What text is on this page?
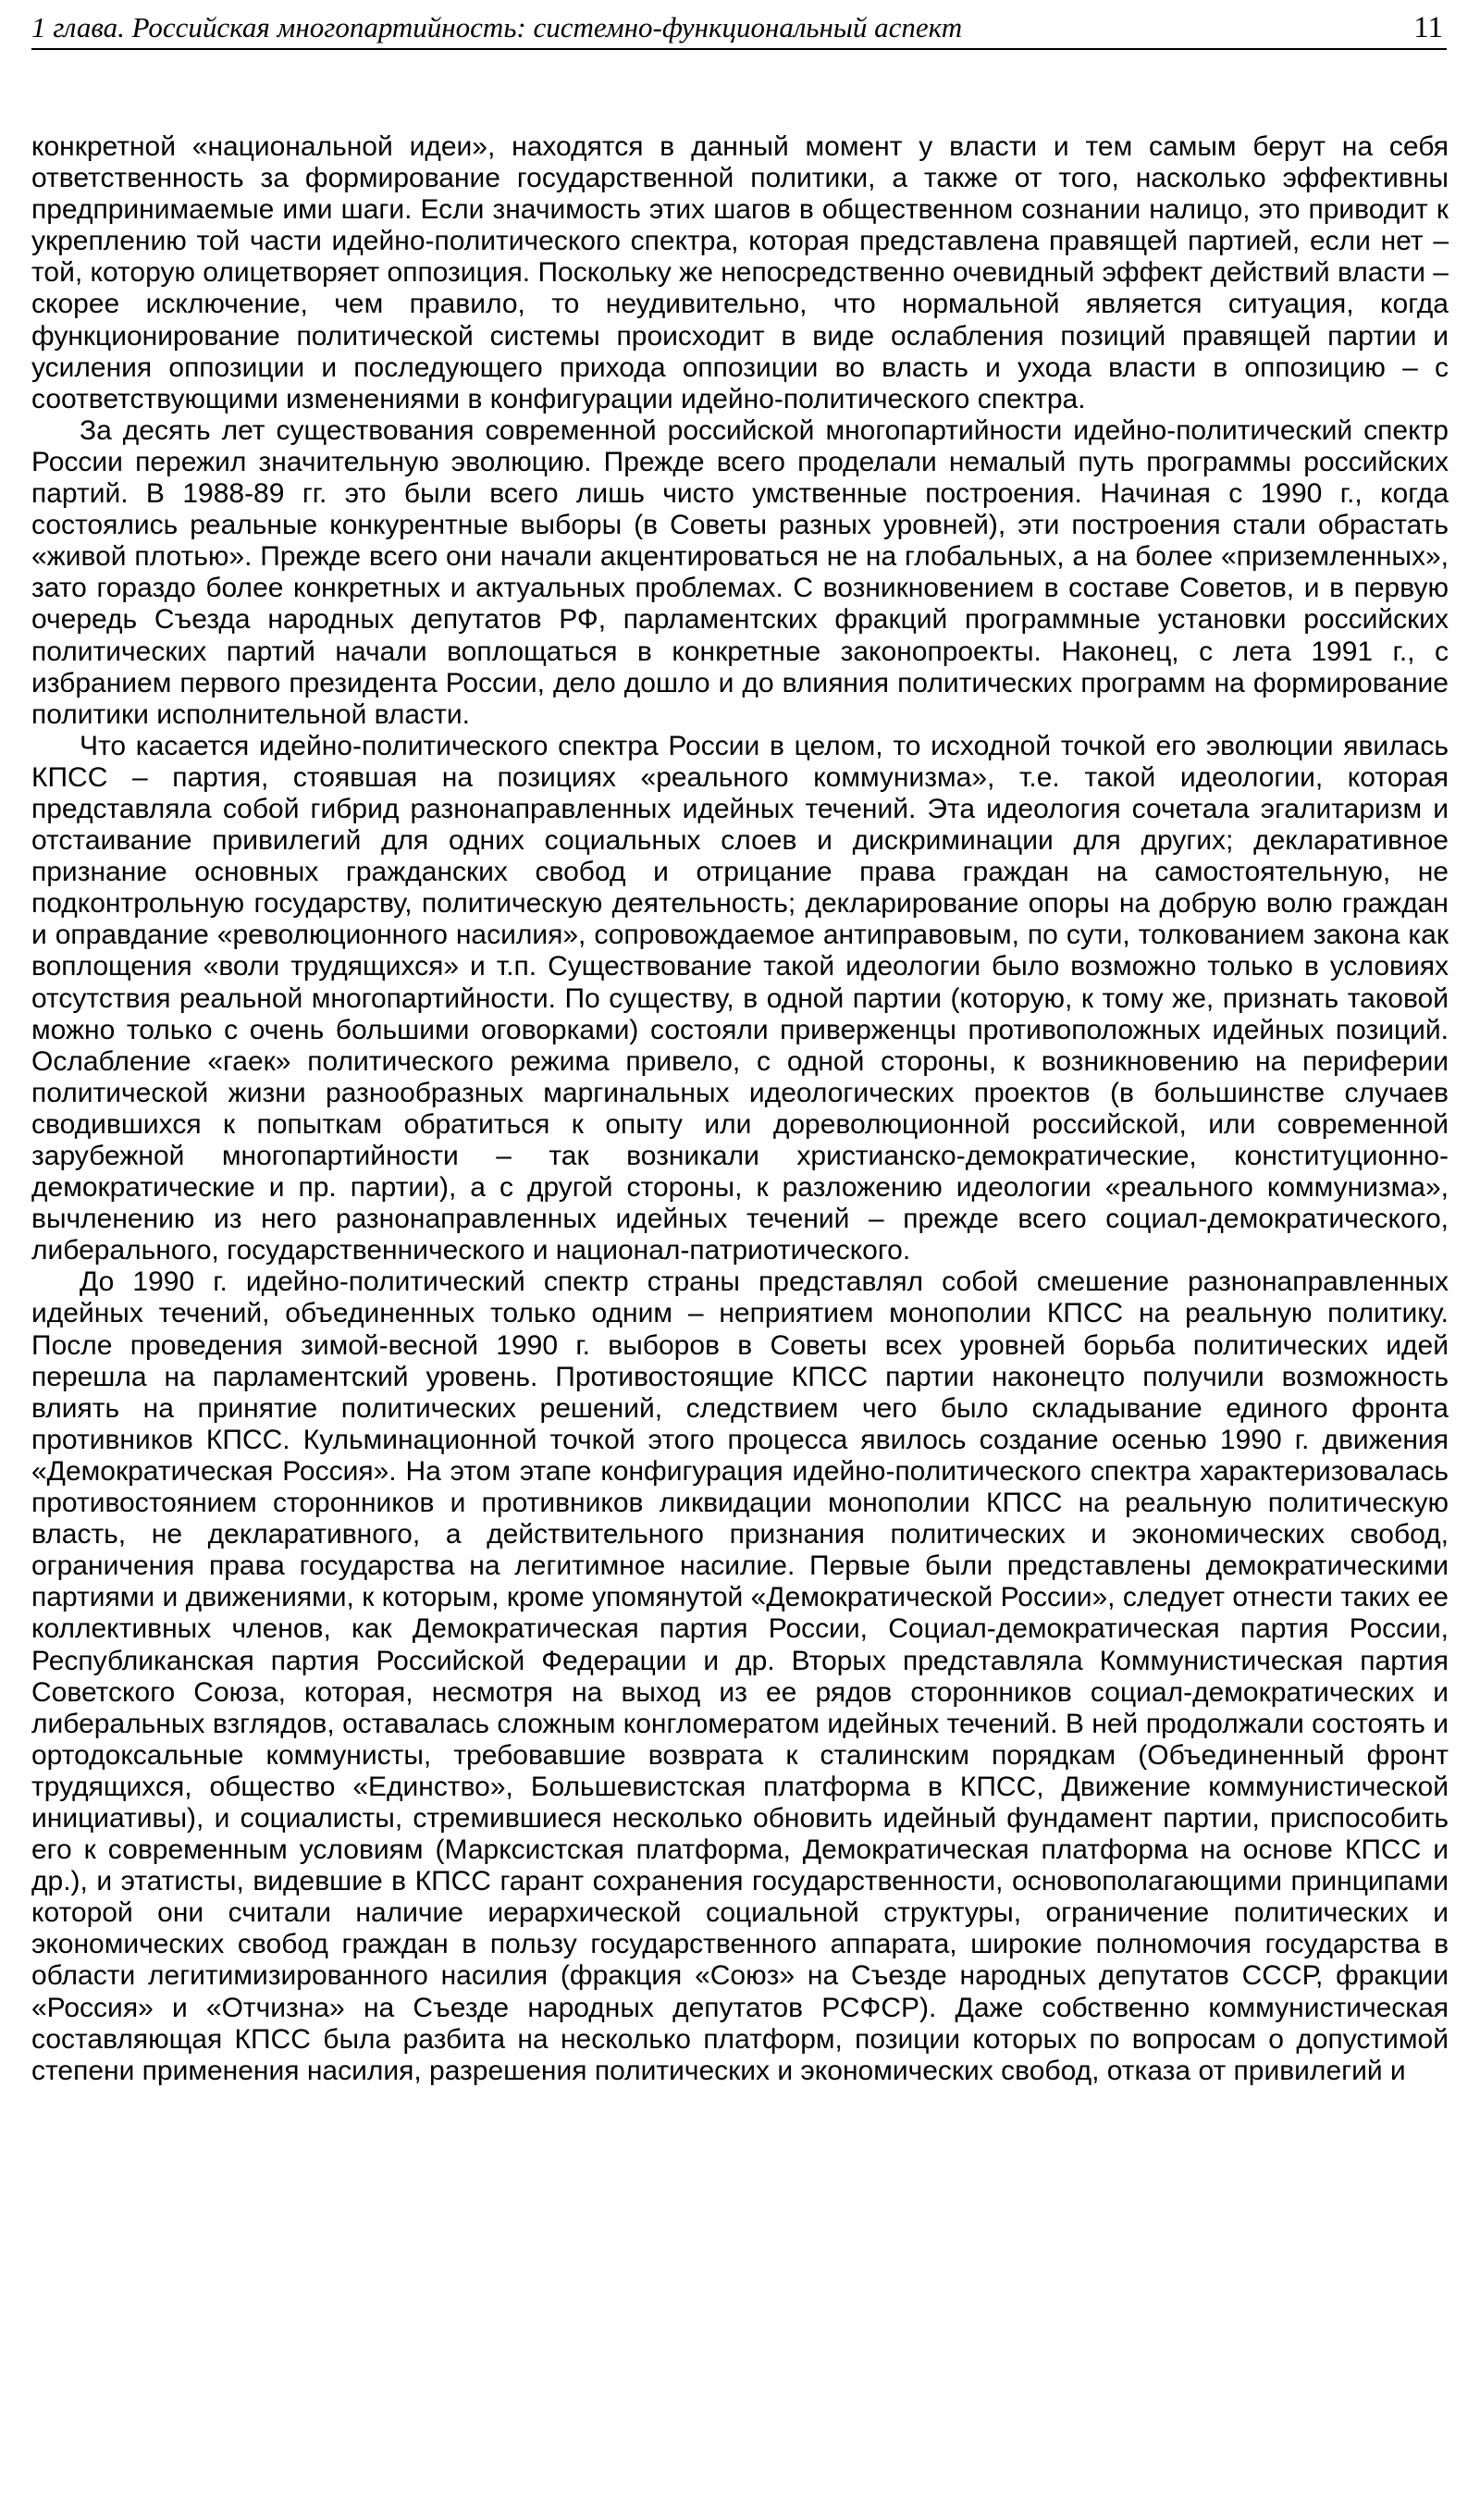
1 глава. Российская многопартийность: системно-функциональный аспект	11

конкретной «национальной идеи», находятся в данный момент у власти и тем самым берут на себя ответственность за формирование государственной политики, а также от того, насколько эффективны предпринимаемые ими шаги. Если значимость этих шагов в общественном сознании налицо, это приводит к укреплению той части идейно-политического спектра, которая представлена правящей партией, если нет – той, которую олицетворяет оппозиция. Поскольку же непосредственно очевидный эффект действий власти – скорее исключение, чем правило, то неудивительно, что нормальной является ситуация, когда функционирование политической системы происходит в виде ослабления позиций правящей партии и усиления оппозиции и последующего прихода оппозиции во власть и ухода власти в оппозицию – с соответствующими изменениями в конфигурации идейно-политического спектра.

За десять лет существования современной российской многопартийности идейно-политический спектр России пережил значительную эволюцию. Прежде всего проделали немалый путь программы российских партий. В 1988-89 гг. это были всего лишь чисто умственные построения. Начиная с 1990 г., когда состоялись реальные конкурентные выборы (в Советы разных уровней), эти построения стали обрастать «живой плотью». Прежде всего они начали акцентироваться не на глобальных, а на более «приземленных», зато гораздо более конкретных и актуальных проблемах. С возникновением в составе Советов, и в первую очередь Съезда народных депутатов РФ, парламентских фракций программные установки российских политических партий начали воплощаться в конкретные законопроекты. Наконец, с лета 1991 г., с избранием первого президента России, дело дошло и до влияния политических программ на формирование политики исполнительной власти.

Что касается идейно-политического спектра России в целом, то исходной точкой его эволюции явилась КПСС – партия, стоявшая на позициях «реального коммунизма», т.е. такой идеологии, которая представляла собой гибрид разнонаправленных идейных течений. Эта идеология сочетала эгалитаризм и отстаивание привилегий для одних социальных слоев и дискриминации для других; декларативное признание основных гражданских свобод и отрицание права граждан на самостоятельную, не подконтрольную государству, политическую деятельность; декларирование опоры на добрую волю граждан и оправдание «революционного насилия», сопровождаемое антиправовым, по сути, толкованием закона как воплощения «воли трудящихся» и т.п. Существование такой идеологии было возможно только в условиях отсутствия реальной многопартийности. По существу, в одной партии (которую, к тому же, признать таковой можно только с очень большими оговорками) состояли приверженцы противоположных идейных позиций. Ослабление «гаек» политического режима привело, с одной стороны, к возникновению на периферии политической жизни разнообразных маргинальных идеологических проектов (в большинстве случаев сводившихся к попыткам обратиться к опыту или дореволюционной российской, или современной зарубежной многопартийности – так возникали христианско-демократические, конституционно-демократические и пр. партии), а с другой стороны, к разложению идеологии «реального коммунизма», вычленению из него разнонаправленных идейных течений – прежде всего социал-демократического, либерального, государственнического и национал-патриотического.

До 1990 г. идейно-политический спектр страны представлял собой смешение разнонаправленных идейных течений, объединенных только одним – неприятием монополии КПСС на реальную политику. После проведения зимой-весной 1990 г. выборов в Советы всех уровней борьба политических идей перешла на парламентский уровень. Противостоящие КПСС партии наконецто получили возможность влиять на принятие политических решений, следствием чего было складывание единого фронта противников КПСС. Кульминационной точкой этого процесса явилось создание осенью 1990 г. движения «Демократическая Россия». На этом этапе конфигурация идейно-политического спектра характеризовалась противостоянием сторонников и противников ликвидации монополии КПСС на реальную политическую власть, не декларативного, а действительного признания политических и экономических свобод, ограничения права государства на легитимное насилие. Первые были представлены демократическими партиями и движениями, к которым, кроме упомянутой «Демократической России», следует отнести таких ее коллективных членов, как Демократическая партия России, Социал-демократическая партия России, Республиканская партия Российской Федерации и др. Вторых представляла Коммунистическая партия Советского Союза, которая, несмотря на выход из ее рядов сторонников социал-демократических и либеральных взглядов, оставалась сложным конгломератом идейных течений. В ней продолжали состоять и ортодоксальные коммунисты, требовавшие возврата к сталинским порядкам (Объединенный фронт трудящихся, общество «Единство», Большевистская платформа в КПСС, Движение коммунистической инициативы), и социалисты, стремившиеся несколько обновить идейный фундамент партии, приспособить его к современным условиям (Марксистская платформа, Демократическая платформа на основе КПСС и др.), и этатисты, видевшие в КПСС гарант сохранения государственности, основополагающими принципами которой они считали наличие иерархической социальной структуры, ограничение политических и экономических свобод граждан в пользу государственного аппарата, широкие полномочия государства в области легитимизированного насилия (фракция «Союз» на Съезде народных депутатов СССР, фракции «Россия» и «Отчизна» на Съезде народных депутатов РСФСР). Даже собственно коммунистическая составляющая КПСС была разбита на несколько платформ, позиции которых по вопросам о допустимой степени применения насилия, разрешения политических и экономических свобод, отказа от привилегий и
